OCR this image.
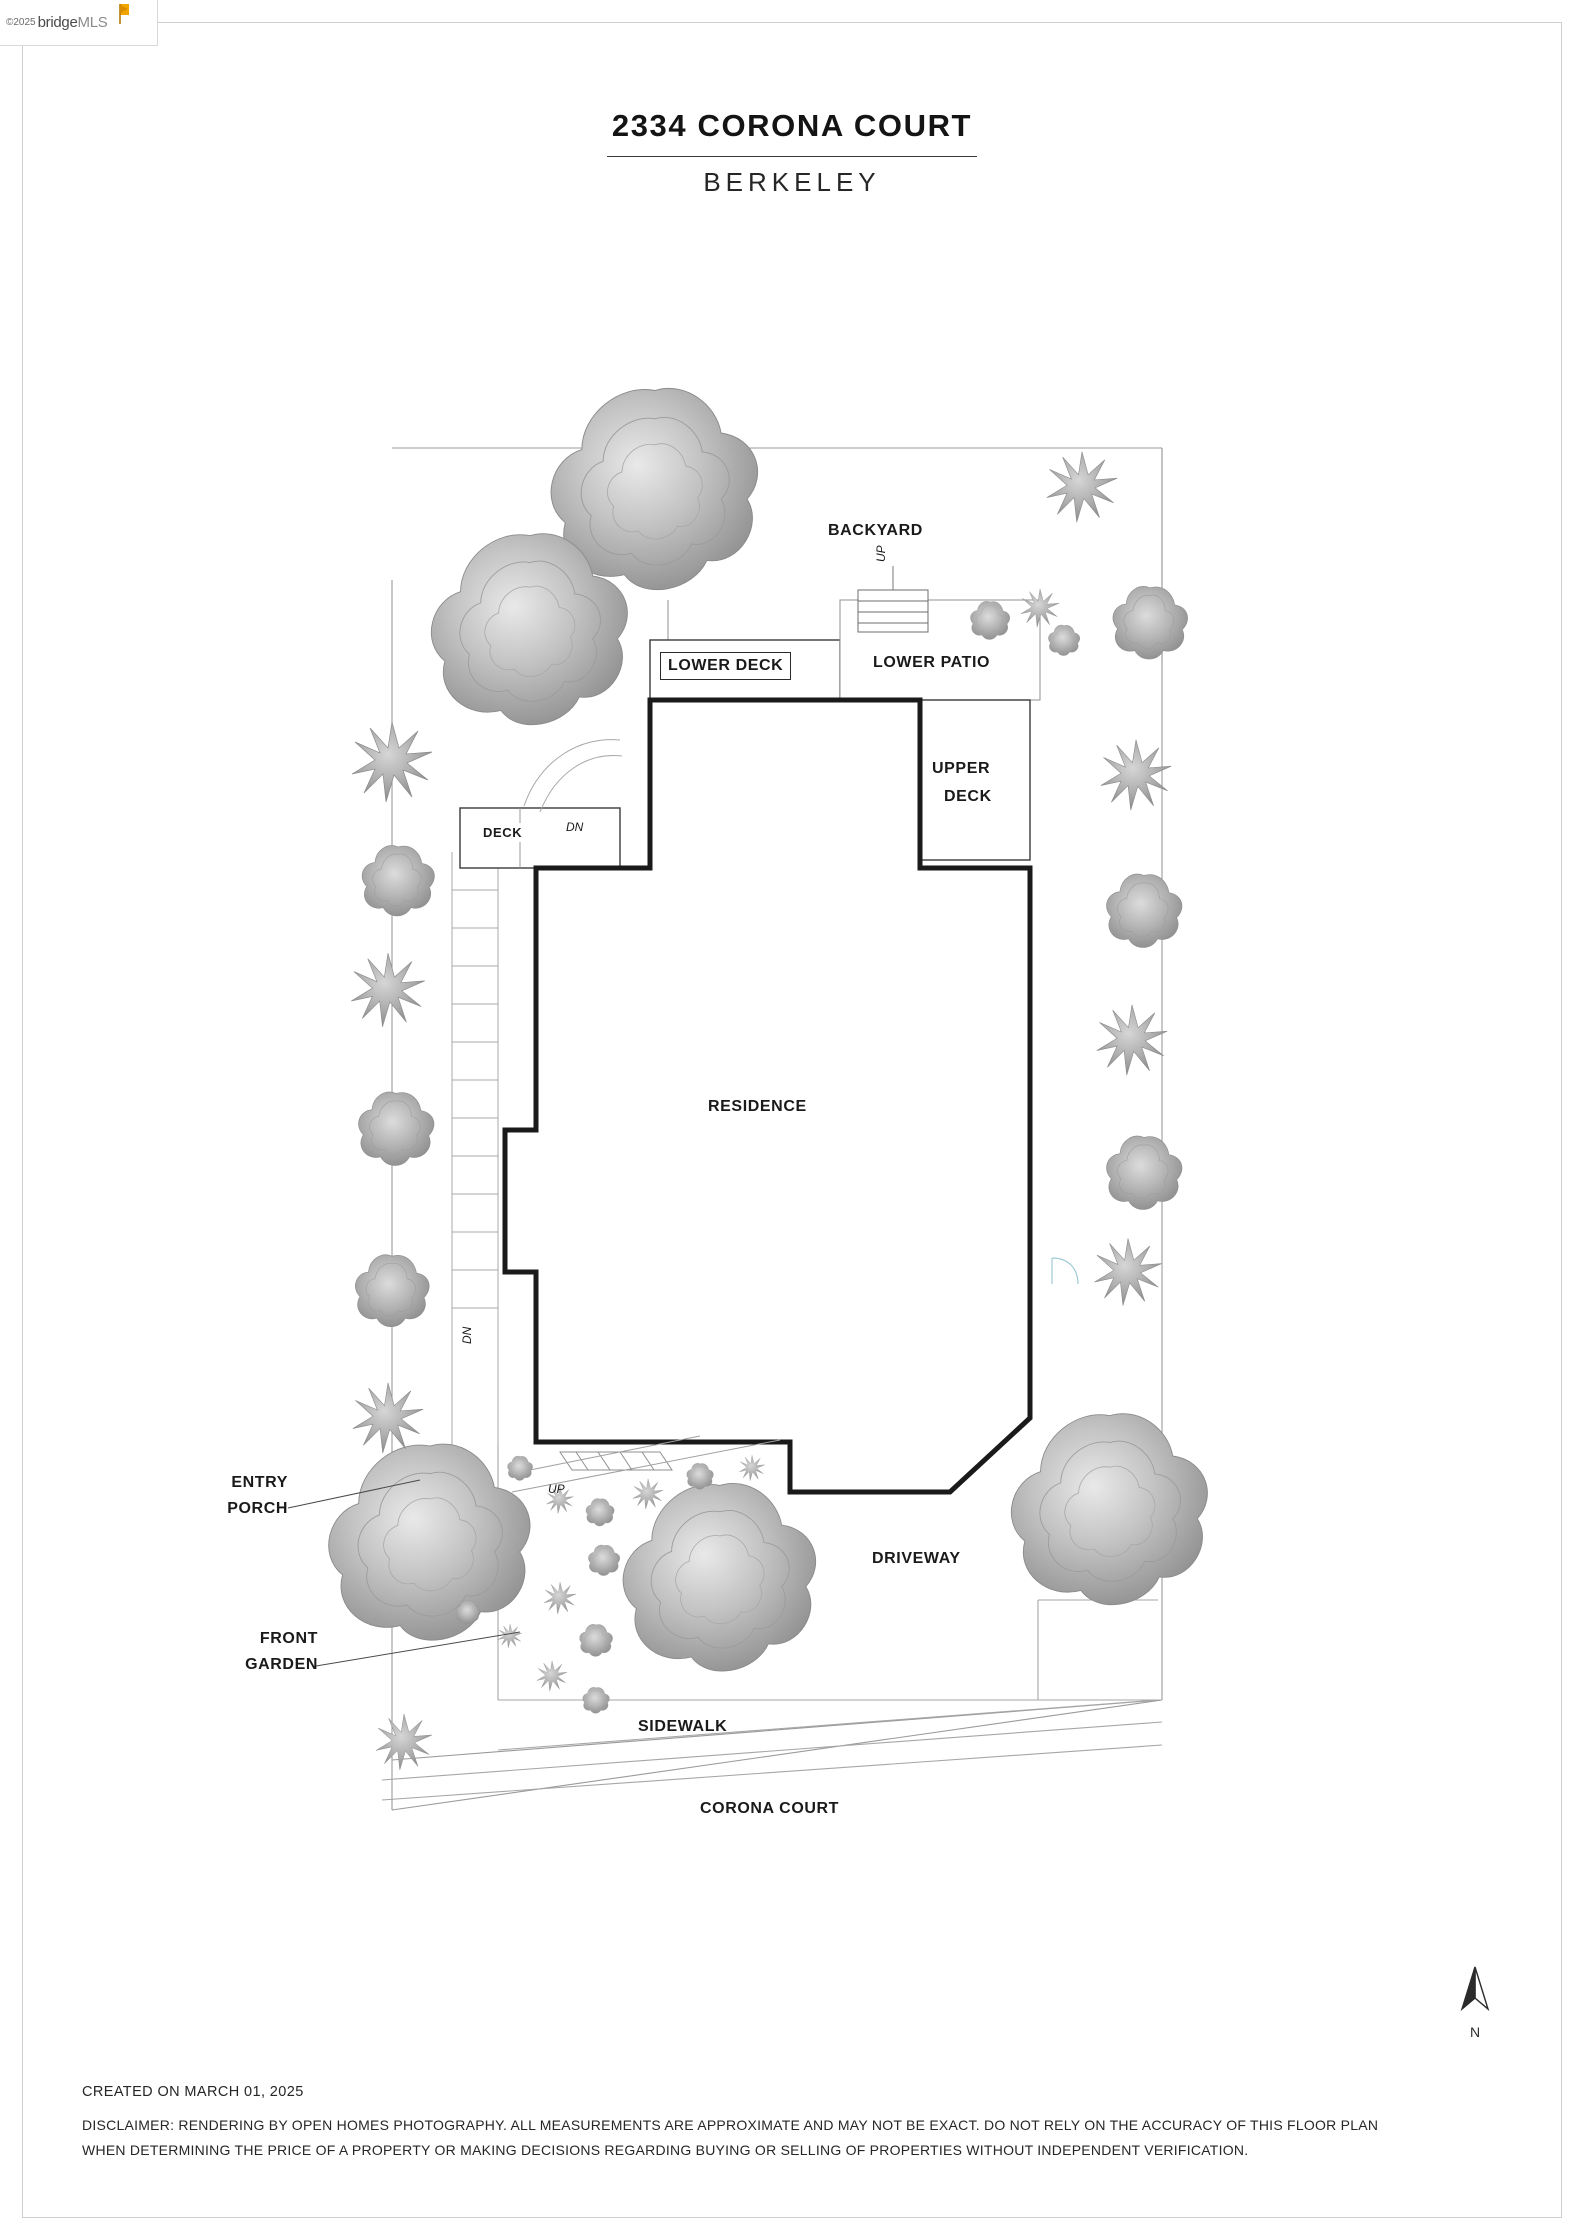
©2025 bridge MLS
2334 CORONA COURT
BERKELEY
BACKYARD
LOWER DECK	LOWER PATIO
UPPER
DECK
DECK
RESIDENCE
DRIVEWAY
SIDEWALK
CORONA COURT
ENTRY
PORCH
FRONT
GARDEN
UP
DN
DN
UP
N
CREATED ON MARCH 01, 2025
DISCLAIMER: RENDERING BY OPEN HOMES PHOTOGRAPHY. ALL MEASUREMENTS ARE APPROXIMATE AND MAY NOT BE EXACT. DO NOT RELY ON THE ACCURACY OF THIS FLOOR PLAN
WHEN DETERMINING THE PRICE OF A PROPERTY OR MAKING DECISIONS REGARDING BUYING OR SELLING OF PROPERTIES WITHOUT INDEPENDENT VERIFICATION.
